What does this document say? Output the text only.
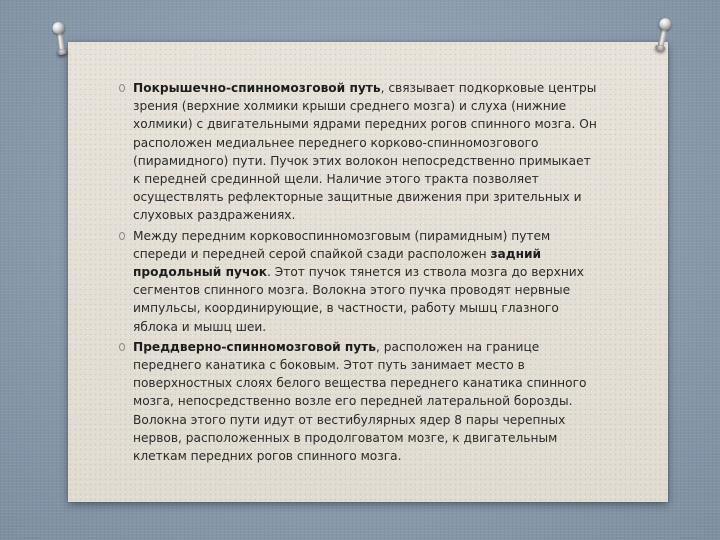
Покрышечно-спинномозговой путь, связывает подкорковые центры зрения (верхние холмики крыши среднего мозга) и слуха (нижние холмики) с двигательными ядрами передних рогов спинного мозга. Он расположен медиальнее переднего корково-спинномозгового (пирамидного) пути. Пучок этих волокон непосредственно примыкает к передней срединной щели. Наличие этого тракта позволяет осуществлять рефлекторные защитные движения при зрительных и слуховых раздражениях.

Между передним корковоспинномозговым (пирамидным) путем спереди и передней серой спайкой сзади расположен задний продольный пучок. Этот пучок тянется из ствола мозга до верхних сегментов спинного мозга. Волокна этого пучка проводят нервные импульсы, координирующие, в частности, работу мышц глазного яблока и мышц шеи.

Преддверно-спинномозговой путь, расположен на границе переднего канатика с боковым. Этот путь занимает место в поверхностных слоях белого вещества переднего канатика спинного мозга, непосредственно возле его передней латеральной борозды. Волокна этого пути идут от вестибулярных ядер 8 пары черепных нервов, расположенных в продолговатом мозге, к двигательным клеткам передних рогов спинного мозга.
